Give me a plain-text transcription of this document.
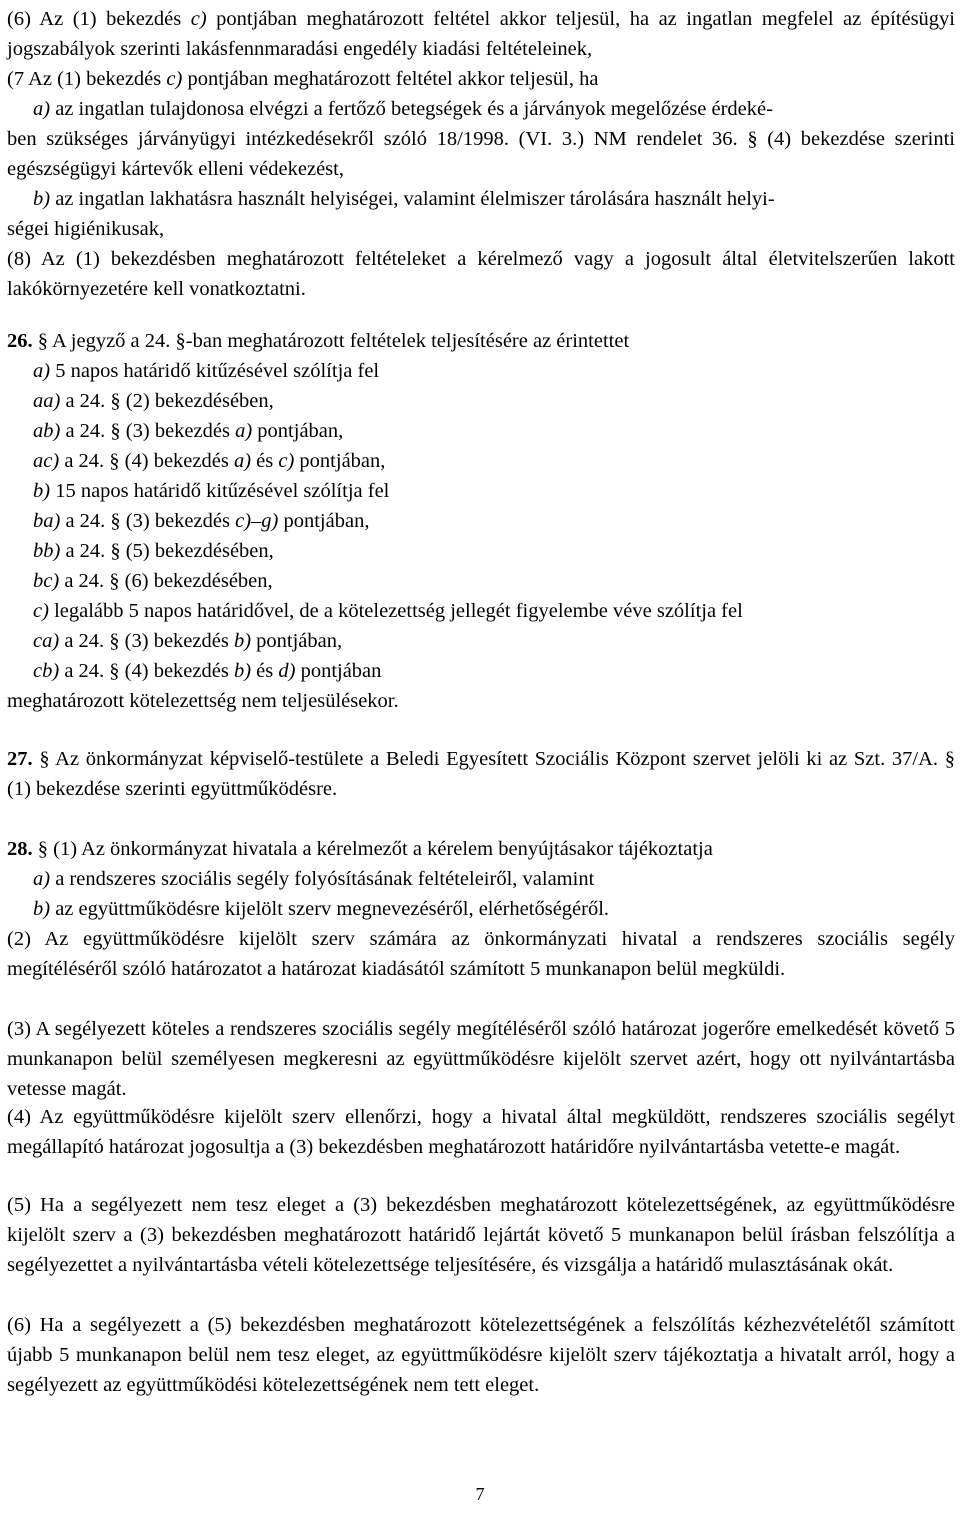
(6) Az (1) bekezdés c) pontjában meghatározott feltétel akkor teljesül, ha az ingatlan megfelel az építésügyi jogszabályok szerinti lakásfennmaradási engedély kiadási feltételeinek,

(7 Az (1) bekezdés c) pontjában meghatározott feltétel akkor teljesül, ha

a) az ingatlan tulajdonosa elvégzi a fertőző betegségek és a járványok megelőzése érdeké-

ben szükséges járványügyi intézkedésekről szóló 18/1998. (VI. 3.) NM rendelet 36. § (4) bekezdése szerinti egészségügyi kártevők elleni védekezést,

b) az ingatlan lakhatásra használt helyiségei, valamint élelmiszer tárolására használt helyi-

ségei higiénikusak,

(8) Az (1) bekezdésben meghatározott feltételeket a kérelmező vagy a jogosult által életvitelszerűen lakott lakókörnyezetére kell vonatkoztatni.

26. § A jegyző a 24. §-ban meghatározott feltételek teljesítésére az érintettet

a) 5 napos határidő kitűzésével szólítja fel

aa) a 24. § (2) bekezdésében,

ab) a 24. § (3) bekezdés a) pontjában,

ac) a 24. § (4) bekezdés a) és c) pontjában,

b) 15 napos határidő kitűzésével szólítja fel

ba) a 24. § (3) bekezdés c)–g) pontjában,

bb) a 24. § (5) bekezdésében,

bc) a 24. § (6) bekezdésében,

c) legalább 5 napos határidővel, de a kötelezettség jellegét figyelembe véve szólítja fel

ca) a 24. § (3) bekezdés b) pontjában,

cb) a 24. § (4) bekezdés b) és d) pontjában

meghatározott kötelezettség nem teljesülésekor.

27. § Az önkormányzat képviselő-testülete a Beledi Egyesített Szociális Központ szervet jelöli ki az Szt. 37/A. § (1) bekezdése szerinti együttműködésre.

28. § (1) Az önkormányzat hivatala a kérelmezőt a kérelem benyújtásakor tájékoztatja

a) a rendszeres szociális segély folyósításának feltételeiről, valamint

b) az együttműködésre kijelölt szerv megnevezéséről, elérhetőségéről.

(2) Az együttműködésre kijelölt szerv számára az önkormányzati hivatal a rendszeres szociális segély megítéléséről szóló határozatot a határozat kiadásától számított 5 munkanapon belül megküldi.

(3) A segélyezett köteles a rendszeres szociális segély megítéléséről szóló határozat jogerőre emelkedését követő 5 munkanapon belül személyesen megkeresni az együttműködésre kijelölt szervet azért, hogy ott nyilvántartásba vetesse magát.

(4) Az együttműködésre kijelölt szerv ellenőrzi, hogy a hivatal által megküldött, rendszeres szociális segélyt megállapító határozat jogosultja a (3) bekezdésben meghatározott határidőre nyilvántartásba vetette-e magát.

(5) Ha a segélyezett nem tesz eleget a (3) bekezdésben meghatározott kötelezettségének, az együttműködésre kijelölt szerv a (3) bekezdésben meghatározott határidő lejártát követő 5 munkanapon belül írásban felszólítja a segélyezettet a nyilvántartásba vételi kötelezettsége teljesítésére, és vizsgálja a határidő mulasztásának okát.

(6) Ha a segélyezett a (5) bekezdésben meghatározott kötelezettségének a felszólítás kézhezvételétől számított újabb 5 munkanapon belül nem tesz eleget, az együttműködésre kijelölt szerv tájékoztatja a hivatalt arról, hogy a segélyezett az együttműködési kötelezettségének nem tett eleget.

7
